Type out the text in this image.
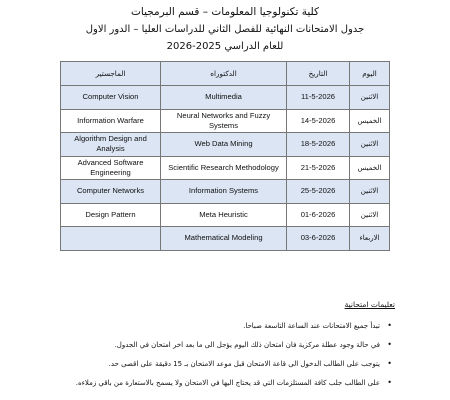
كلية تكنولوجيا المعلومات – قسم البرمجيات
جدول الامتحانات النهائية للفصل الثاني للدراسات العليا – الدور الاول
للعام الدراسي 2025-2026
الماجستير	الدكتوراه	التاريخ	اليوم
Computer Vision	Multimedia	11-5-2026	الاثنين
Information Warfare	Neural Networks and Fuzzy Systems	14-5-2026	الخميس
Algorithm Design and Analysis	Web Data Mining	18-5-2026	الاثنين
Advanced Software Engineering	Scientific Research Methodology	21-5-2026	الخميس
Computer Networks	Information Systems	25-5-2026	الاثنين
Design Pattern	Meta Heuristic	01-6-2026	الاثنين
	Mathematical Modeling	03-6-2026	الاربعاء
تعليمات امتحانية
•
تبدأ جميع الامتحانات عند الساعة التاسعة صباحا.
•
في حالة وجود عطلة مركزية فان امتحان ذلك اليوم يؤجل الى ما بعد اخر امتحان في الجدول.
•
يتوجب على الطالب الدخول الى قاعة الامتحان قبل موعد الامتحان بـ 15 دقيقة على اقصى حد.
•
على الطالب جلب كافة المستلزمات التي قد يحتاج اليها في الامتحان ولا يسمح بالاستعارة من باقي زملاءه.
